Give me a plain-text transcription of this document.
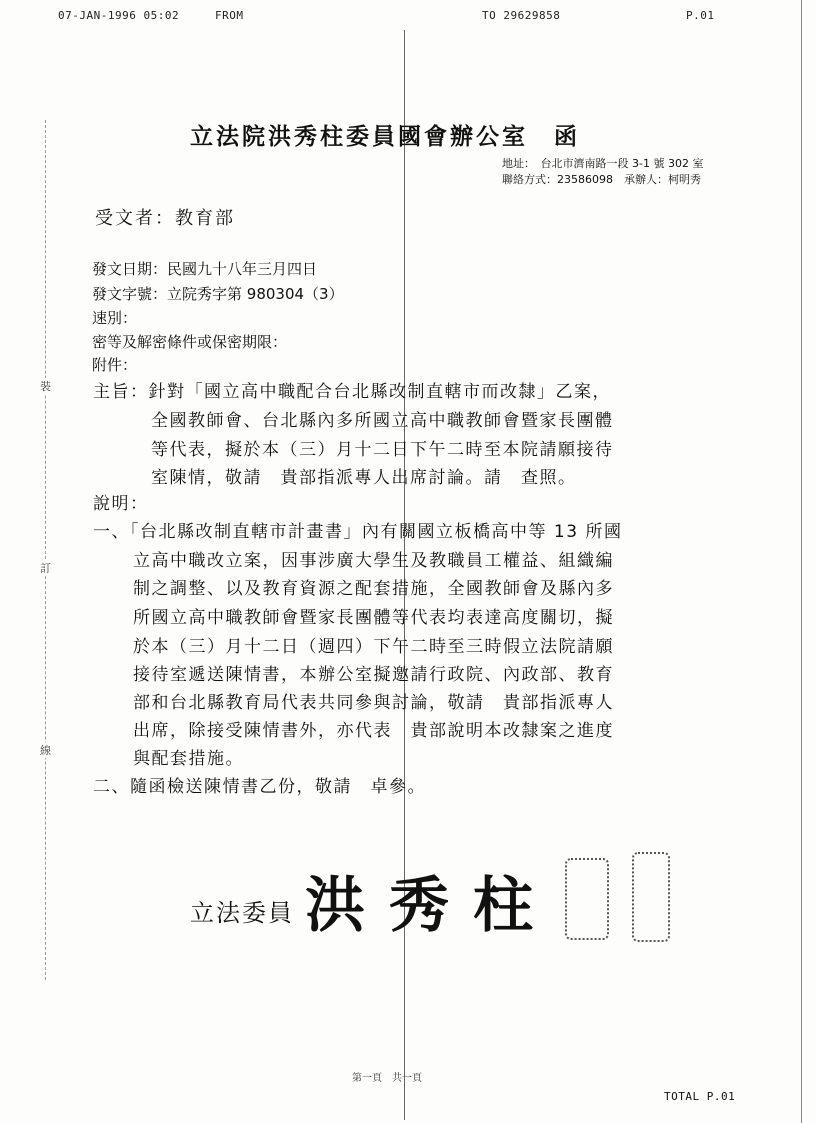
裝
訂
線
07-JAN-1996 05:02	FROM	TO 29629858	P.01
立法院洪秀柱委員國會辦公室　函
地址：　台北市濟南路一段 3-1 號 302 室
聯絡方式：23586098　承辦人：柯明秀
受文者：教育部
發文日期：民國九十八年三月四日
發文字號：立院秀字第 980304（3）
速別：
密等及解密條件或保密期限：
附件：
主旨：針對「國立高中職配合台北縣改制直轄市而改隸」乙案，
全國教師會、台北縣內多所國立高中職教師會暨家長團體
等代表，擬於本（三）月十二日下午二時至本院請願接待
室陳情，敬請　貴部指派專人出席討論。請　查照。
說明：
一、「台北縣改制直轄市計畫書」內有關國立板橋高中等 13 所國
立高中職改立案，因事涉廣大學生及教職員工權益、組織編
制之調整、以及教育資源之配套措施，全國教師會及縣內多
所國立高中職教師會暨家長團體等代表均表達高度關切，擬
於本（三）月十二日（週四）下午二時至三時假立法院請願
接待室遞送陳情書，本辦公室擬邀請行政院、內政部、教育
部和台北縣教育局代表共同參與討論，敬請　貴部指派專人
出席，除接受陳情書外，亦代表　貴部說明本改隸案之進度
與配套措施。
二、隨函檢送陳情書乙份，敬請　卓參。
立法委員 洪秀柱
第一頁　共一頁
TOTAL P.01
